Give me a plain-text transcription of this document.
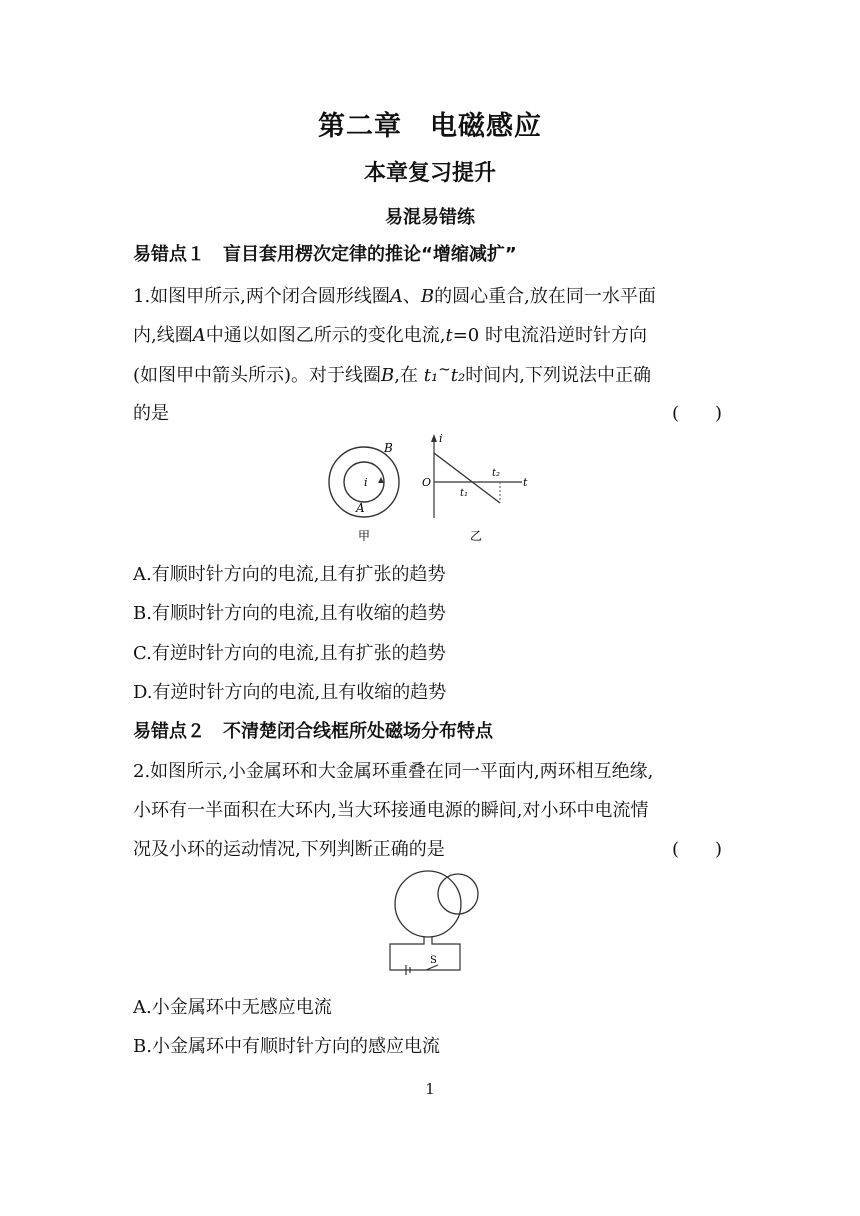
第二章　电磁感应
本章复习提升
易混易错练
易错点１　盲目套用楞次定律的推论“增缩减扩”
1.如图甲所示,两个闭合圆形线圈A、B的圆心重合,放在同一水平面
内,线圈A中通以如图乙所示的变化电流,t=0 时电流沿逆时针方向
(如图甲中箭头所示)。对于线圈B,在 t₁~t₂时间内,下列说法中正确
的是	(　　)
B
i
A
甲
i
O	t
t₁
t₂
乙
A.有顺时针方向的电流,且有扩张的趋势
B.有顺时针方向的电流,且有收缩的趋势
C.有逆时针方向的电流,且有扩张的趋势
D.有逆时针方向的电流,且有收缩的趋势
易错点２　不清楚闭合线框所处磁场分布特点
2.如图所示,小金属环和大金属环重叠在同一平面内,两环相互绝缘,
小环有一半面积在大环内,当大环接通电源的瞬间,对小环中电流情
况及小环的运动情况,下列判断正确的是	(　　)
S
A.小金属环中无感应电流
B.小金属环中有顺时针方向的感应电流
1
